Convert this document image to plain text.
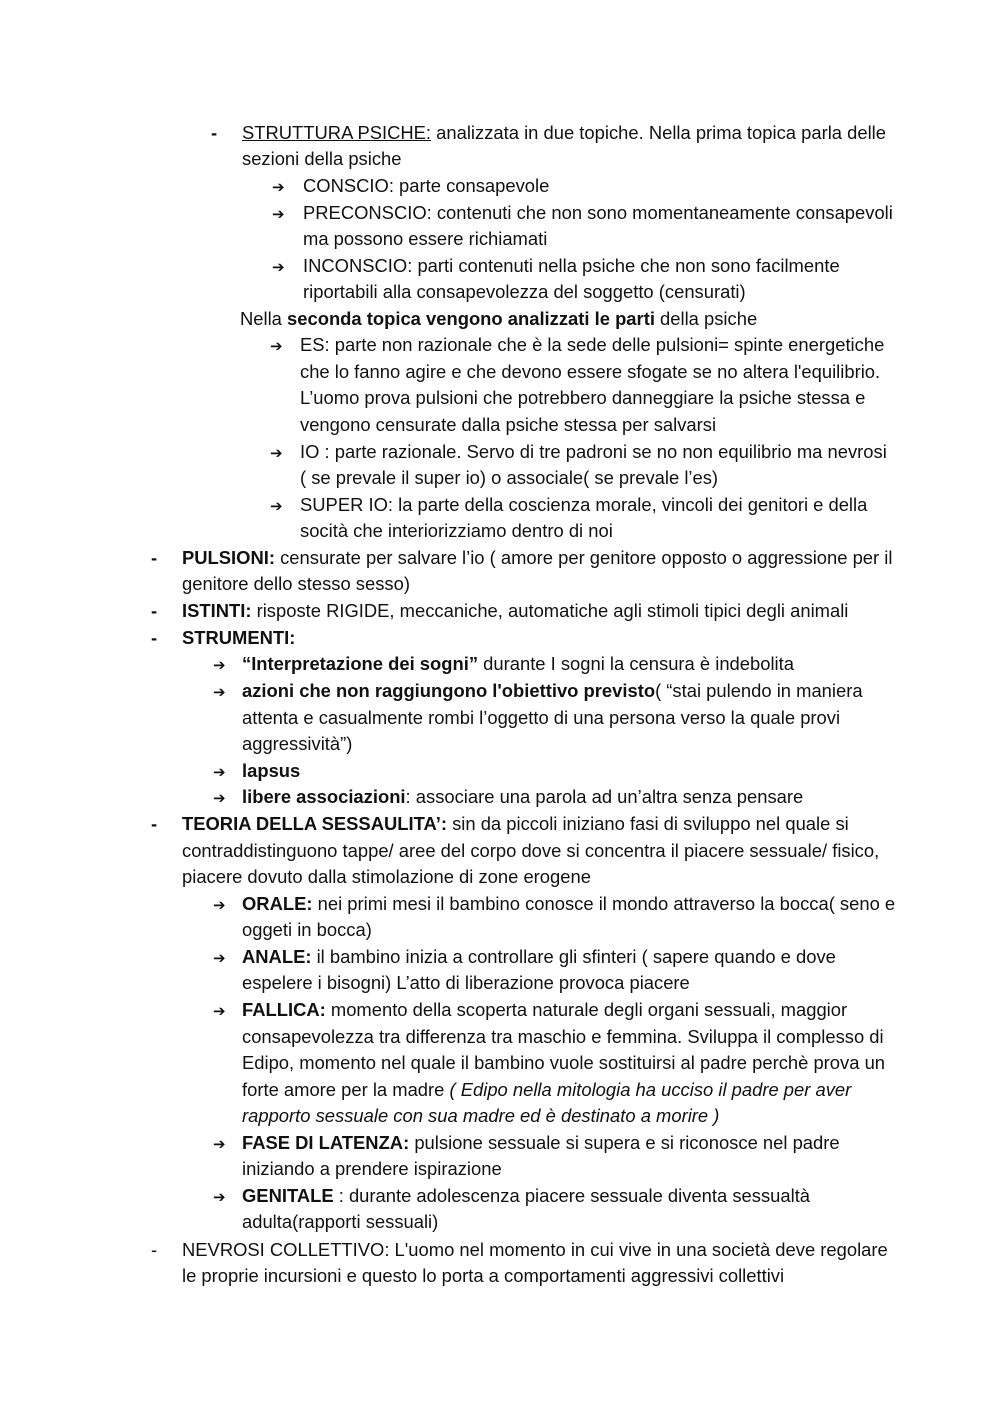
- STRUTTURA PSICHE: analizzata in due topiche. Nella prima topica parla delle
sezioni della psiche
➔ CONSCIO: parte consapevole
➔ PRECONSCIO: contenuti che non sono momentaneamente consapevoli
ma possono essere richiamati
➔ INCONSCIO: parti contenuti nella psiche che non sono facilmente
riportabili alla consapevolezza del soggetto (censurati)
Nella seconda topica vengono analizzati le parti della psiche
➔ ES: parte non razionale che è la sede delle pulsioni= spinte energetiche
che lo fanno agire e che devono essere sfogate se no altera l'equilibrio.
L’uomo prova pulsioni che potrebbero danneggiare la psiche stessa e
vengono censurate dalla psiche stessa per salvarsi
➔ IO : parte razionale. Servo di tre padroni se no non equilibrio ma nevrosi
( se prevale il super io) o associale( se prevale l’es)
➔ SUPER IO: la parte della coscienza morale, vincoli dei genitori e della
socità che interiorizziamo dentro di noi
- PULSIONI: censurate per salvare l’io ( amore per genitore opposto o aggressione per il
genitore dello stesso sesso)
- ISTINTI: risposte RIGIDE, meccaniche, automatiche agli stimoli tipici degli animali
- STRUMENTI:
➔ “Interpretazione dei sogni” durante I sogni la censura è indebolita
➔ azioni che non raggiungono l'obiettivo previsto( “stai pulendo in maniera
attenta e casualmente rombi l’oggetto di una persona verso la quale provi
aggressività”)
➔ lapsus
➔ libere associazioni: associare una parola ad un’altra senza pensare
- TEORIA DELLA SESSAULITA’: sin da piccoli iniziano fasi di sviluppo nel quale si
contraddistinguono tappe/ aree del corpo dove si concentra il piacere sessuale/ fisico,
piacere dovuto dalla stimolazione di zone erogene
➔ ORALE: nei primi mesi il bambino conosce il mondo attraverso la bocca( seno e
oggeti in bocca)
➔ ANALE: il bambino inizia a controllare gli sfinteri ( sapere quando e dove
espelere i bisogni) L’atto di liberazione provoca piacere
➔ FALLICA: momento della scoperta naturale degli organi sessuali, maggior
consapevolezza tra differenza tra maschio e femmina. Sviluppa il complesso di
Edipo, momento nel quale il bambino vuole sostituirsi al padre perchè prova un
forte amore per la madre ( Edipo nella mitologia ha ucciso il padre per aver
rapporto sessuale con sua madre ed è destinato a morire )
➔ FASE DI LATENZA: pulsione sessuale si supera e si riconosce nel padre
iniziando a prendere ispirazione
➔ GENITALE : durante adolescenza piacere sessuale diventa sessualtà
adulta(rapporti sessuali)
- NEVROSI COLLETTIVO: L'uomo nel momento in cui vive in una società deve regolare
le proprie incursioni e questo lo porta a comportamenti aggressivi collettivi
